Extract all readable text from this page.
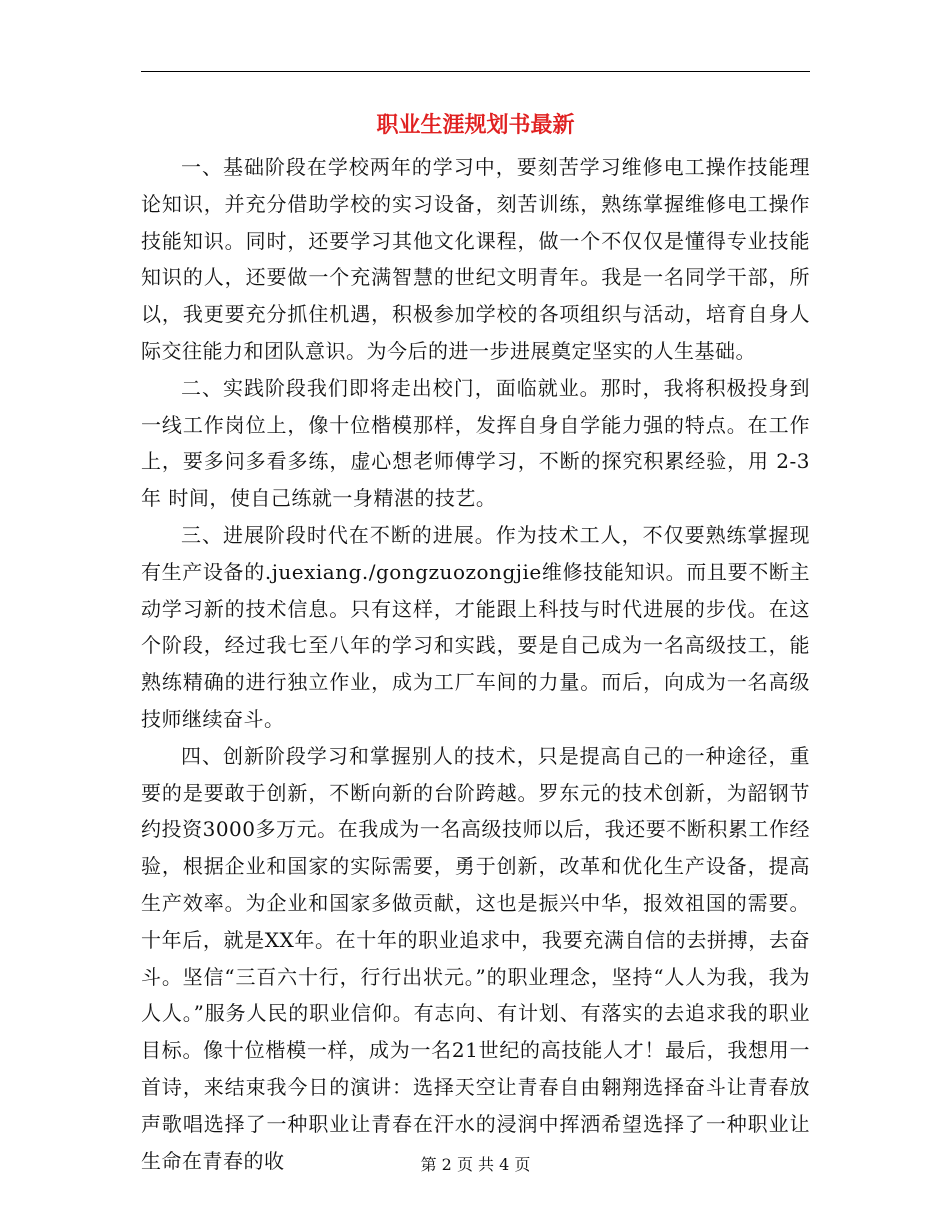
职业生涯规划书最新

一、基础阶段在学校两年的学习中，要刻苦学习维修电工操作技能理论知识，并充分借助学校的实习设备，刻苦训练，熟练掌握维修电工操作技能知识。同时，还要学习其他文化课程，做一个不仅仅是懂得专业技能知识的人，还要做一个充满智慧的世纪文明青年。我是一名同学干部，所以，我更要充分抓住机遇，积极参加学校的各项组织与活动，培育自身人际交往能力和团队意识。为今后的进一步进展奠定坚实的人生基础。

二、实践阶段我们即将走出校门，面临就业。那时，我将积极投身到一线工作岗位上，像十位楷模那样，发挥自身自学能力强的特点。在工作上，要多问多看多练，虚心想老师傅学习，不断的探究积累经验，用 2-3 年 时间，使自己练就一身精湛的技艺。

三、进展阶段时代在不断的进展。作为技术工人，不仅要熟练掌握现有生产设备的.juexiang./gongzuozongjie维修技能知识。而且要不断主动学习新的技术信息。只有这样，才能跟上科技与时代进展的步伐。在这个阶段，经过我七至八年的学习和实践，要是自己成为一名高级技工，能熟练精确的进行独立作业，成为工厂车间的力量。而后，向成为一名高级技师继续奋斗。

四、创新阶段学习和掌握别人的技术，只是提高自己的一种途径，重要的是要敢于创新，不断向新的台阶跨越。罗东元的技术创新，为韶钢节约投资3000多万元。在我成为一名高级技师以后，我还要不断积累工作经验，根据企业和国家的实际需要，勇于创新，改革和优化生产设备，提高生产效率。为企业和国家多做贡献，这也是振兴中华，报效祖国的需要。十年后，就是XX年。在十年的职业追求中，我要充满自信的去拼搏，去奋斗。坚信“三百六十行，行行出状元。”的职业理念，坚持“人人为我，我为人人。”服务人民的职业信仰。有志向、有计划、有落实的去追求我的职业目标。像十位楷模一样，成为一名21世纪的高技能人才！最后，我想用一首诗，来结束我今日的演讲：选择天空让青春自由翱翔选择奋斗让青春放声歌唱选择了一种职业让青春在汗水的浸润中挥洒希望选择了一种职业让生命在青春的收	第 2 页 共 4 页
